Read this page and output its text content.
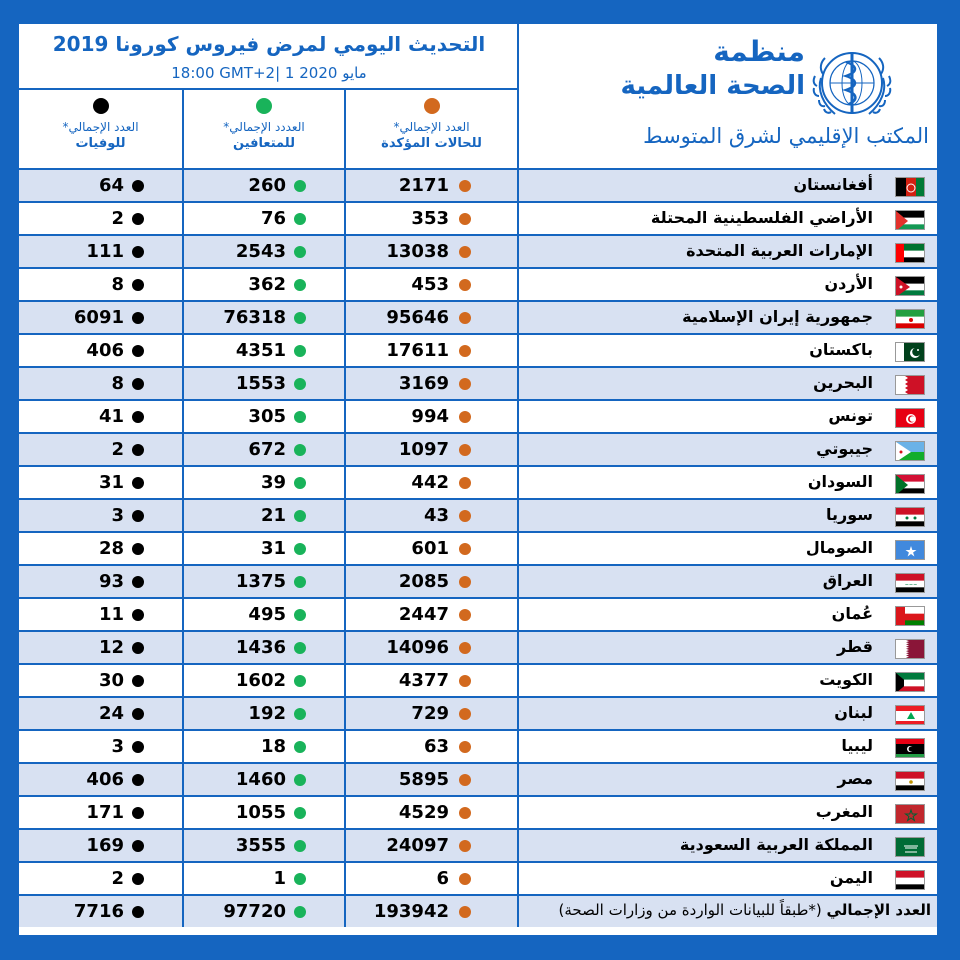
التحديث اليومي لمرض فيروس كورونا 2019
18:00 GMT+2| 1 مايو 2020
العدد الإجمالي*
للوفيات
العددد الإجمالي*
للمتعافين
العدد الإجمالي*
للحالات المؤكدة
منظمة
الصحة العالمية
المكتب الإقليمي لشرق المتوسط
64	260	2171	أفغانستان
2	76	353	الأراضي الفلسطينية المحتلة
111	2543	13038	الإمارات العربية المتحدة
8	362	453	الأردن
6091	76318	95646	جمهورية إيران الإسلامية
406	4351	17611	باكستان
8	1553	3169	البحرين
41	305	994	تونس
2	672	1097	جيبوتي
31	39	442	السودان
3	21	43	سوريا
28	31	601	الصومال
93	1375	2085	العراق	~~~
11	495	2447	عُمان
12	1436	14096	قطر
30	1602	4377	الكويت
24	192	729	لبنان
3	18	63	ليبيا
406	1460	5895	مصر
171	1055	4529	المغرب
169	3555	24097	المملكة العربية السعودية
2	1	6	اليمن
7716	97720	193942	العدد الإجمالي (*طبقاً للبيانات الواردة من وزارات الصحة)
